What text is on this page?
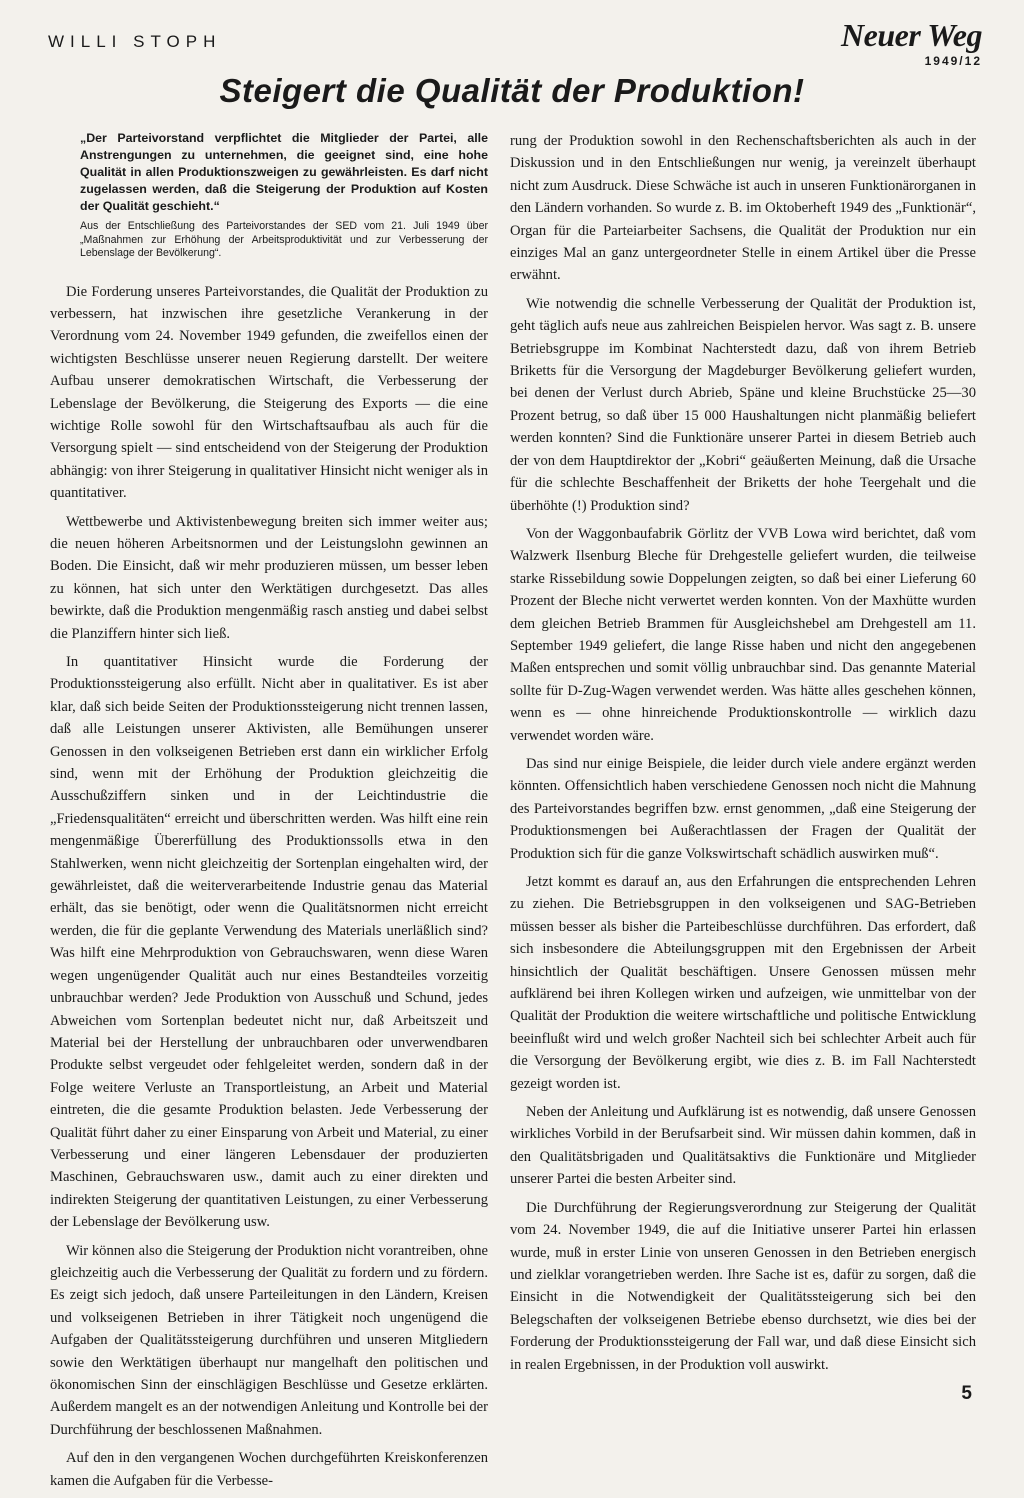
WILLI STOPH	Neuer Weg
1949/12
Steigert die Qualität der Produktion!
„Der Parteivorstand verpflichtet die Mitglieder der Partei, alle Anstrengungen zu unternehmen, die geeignet sind, eine hohe Qualität in allen Produktionszweigen zu gewährleisten. Es darf nicht zugelassen werden, daß die Steigerung der Produktion auf Kosten der Qualität geschieht.“
Aus der Entschließung des Parteivorstandes der SED vom 21. Juli 1949 über „Maßnahmen zur Erhöhung der Arbeitsproduktivität und zur Verbesserung der Lebenslage der Bevölkerung“.

Die Forderung unseres Parteivorstandes, die Qualität der Produktion zu verbessern, hat inzwischen ihre gesetzliche Verankerung in der Verordnung vom 24. November 1949 gefunden, die zweifellos einen der wichtigsten Beschlüsse unserer neuen Regierung darstellt. Der weitere Aufbau unserer demokratischen Wirtschaft, die Verbesserung der Lebenslage der Bevölkerung, die Steigerung des Exports — die eine wichtige Rolle sowohl für den Wirtschaftsaufbau als auch für die Versorgung spielt — sind entscheidend von der Steigerung der Produktion abhängig: von ihrer Steigerung in qualitativer Hinsicht nicht weniger als in quantitativer.

Wettbewerbe und Aktivistenbewegung breiten sich immer weiter aus; die neuen höheren Arbeitsnormen und der Leistungslohn gewinnen an Boden. Die Einsicht, daß wir mehr produzieren müssen, um besser leben zu können, hat sich unter den Werktätigen durchgesetzt. Das alles bewirkte, daß die Produktion mengenmäßig rasch anstieg und dabei selbst die Planziffern hinter sich ließ.

In quantitativer Hinsicht wurde die Forderung der Produktionssteigerung also erfüllt. Nicht aber in qualitativer. Es ist aber klar, daß sich beide Seiten der Produktionssteigerung nicht trennen lassen, daß alle Leistungen unserer Aktivisten, alle Bemühungen unserer Genossen in den volkseigenen Betrieben erst dann ein wirklicher Erfolg sind, wenn mit der Erhöhung der Produktion gleichzeitig die Ausschußziffern sinken und in der Leichtindustrie die „Friedensqualitäten“ erreicht und überschritten werden. Was hilft eine rein mengenmäßige Übererfüllung des Produktionssolls etwa in den Stahlwerken, wenn nicht gleichzeitig der Sortenplan eingehalten wird, der gewährleistet, daß die weiterverarbeitende Industrie genau das Material erhält, das sie benötigt, oder wenn die Qualitätsnormen nicht erreicht werden, die für die geplante Verwendung des Materials unerläßlich sind? Was hilft eine Mehrproduktion von Gebrauchswaren, wenn diese Waren wegen ungenügender Qualität auch nur eines Bestandteiles vorzeitig unbrauchbar werden? Jede Produktion von Ausschuß und Schund, jedes Abweichen vom Sortenplan bedeutet nicht nur, daß Arbeitszeit und Material bei der Herstellung der unbrauchbaren oder unverwendbaren Produkte selbst vergeudet oder fehlgeleitet werden, sondern daß in der Folge weitere Verluste an Transportleistung, an Arbeit und Material eintreten, die die gesamte Produktion belasten. Jede Verbesserung der Qualität führt daher zu einer Einsparung von Arbeit und Material, zu einer Verbesserung und einer längeren Lebensdauer der produzierten Maschinen, Gebrauchswaren usw., damit auch zu einer direkten und indirekten Steigerung der quantitativen Leistungen, zu einer Verbesserung der Lebenslage der Bevölkerung usw.

Wir können also die Steigerung der Produktion nicht vorantreiben, ohne gleichzeitig auch die Verbesserung der Qualität zu fordern und zu fördern. Es zeigt sich jedoch, daß unsere Parteileitungen in den Ländern, Kreisen und volkseigenen Betrieben in ihrer Tätigkeit noch ungenügend die Aufgaben der Qualitätssteigerung durchführen und unseren Mitgliedern sowie den Werktätigen überhaupt nur mangelhaft den politischen und ökonomischen Sinn der einschlägigen Beschlüsse und Gesetze erklärten. Außerdem mangelt es an der notwendigen Anleitung und Kontrolle bei der Durchführung der beschlossenen Maßnahmen.

Auf den in den vergangenen Wochen durchgeführten Kreiskonferenzen kamen die Aufgaben für die Verbesse-

rung der Produktion sowohl in den Rechenschaftsberichten als auch in der Diskussion und in den Entschließungen nur wenig, ja vereinzelt überhaupt nicht zum Ausdruck. Diese Schwäche ist auch in unseren Funktionärorganen in den Ländern vorhanden. So wurde z. B. im Oktoberheft 1949 des „Funktionär“, Organ für die Parteiarbeiter Sachsens, die Qualität der Produktion nur ein einziges Mal an ganz untergeordneter Stelle in einem Artikel über die Presse erwähnt.

Wie notwendig die schnelle Verbesserung der Qualität der Produktion ist, geht täglich aufs neue aus zahlreichen Beispielen hervor. Was sagt z. B. unsere Betriebsgruppe im Kombinat Nachterstedt dazu, daß von ihrem Betrieb Briketts für die Versorgung der Magdeburger Bevölkerung geliefert wurden, bei denen der Verlust durch Abrieb, Späne und kleine Bruchstücke 25—30 Prozent betrug, so daß über 15 000 Haushaltungen nicht planmäßig beliefert werden konnten? Sind die Funktionäre unserer Partei in diesem Betrieb auch der von dem Hauptdirektor der „Kobri“ geäußerten Meinung, daß die Ursache für die schlechte Beschaffenheit der Briketts der hohe Teergehalt und die überhöhte (!) Produktion sind?

Von der Waggonbaufabrik Görlitz der VVB Lowa wird berichtet, daß vom Walzwerk Ilsenburg Bleche für Drehgestelle geliefert wurden, die teilweise starke Rissebildung sowie Doppelungen zeigten, so daß bei einer Lieferung 60 Prozent der Bleche nicht verwertet werden konnten. Von der Maxhütte wurden dem gleichen Betrieb Brammen für Ausgleichshebel am Drehgestell am 11. September 1949 geliefert, die lange Risse haben und nicht den angegebenen Maßen entsprechen und somit völlig unbrauchbar sind. Das genannte Material sollte für D-Zug-Wagen verwendet werden. Was hätte alles geschehen können, wenn es — ohne hinreichende Produktionskontrolle — wirklich dazu verwendet worden wäre.

Das sind nur einige Beispiele, die leider durch viele andere ergänzt werden könnten. Offensichtlich haben verschiedene Genossen noch nicht die Mahnung des Parteivorstandes begriffen bzw. ernst genommen, „daß eine Steigerung der Produktionsmengen bei Außerachtlassen der Fragen der Qualität der Produktion sich für die ganze Volkswirtschaft schädlich auswirken muß“.

Jetzt kommt es darauf an, aus den Erfahrungen die entsprechenden Lehren zu ziehen. Die Betriebsgruppen in den volkseigenen und SAG-Betrieben müssen besser als bisher die Parteibeschlüsse durchführen. Das erfordert, daß sich insbesondere die Abteilungsgruppen mit den Ergebnissen der Arbeit hinsichtlich der Qualität beschäftigen. Unsere Genossen müssen mehr aufklärend bei ihren Kollegen wirken und aufzeigen, wie unmittelbar von der Qualität der Produktion die weitere wirtschaftliche und politische Entwicklung beeinflußt wird und welch großer Nachteil sich bei schlechter Arbeit auch für die Versorgung der Bevölkerung ergibt, wie dies z. B. im Fall Nachterstedt gezeigt worden ist.

Neben der Anleitung und Aufklärung ist es notwendig, daß unsere Genossen wirkliches Vorbild in der Berufsarbeit sind. Wir müssen dahin kommen, daß in den Qualitätsbrigaden und Qualitätsaktivs die Funktionäre und Mitglieder unserer Partei die besten Arbeiter sind.

Die Durchführung der Regierungsverordnung zur Steigerung der Qualität vom 24. November 1949, die auf die Initiative unserer Partei hin erlassen wurde, muß in erster Linie von unseren Genossen in den Betrieben energisch und zielklar vorangetrieben werden. Ihre Sache ist es, dafür zu sorgen, daß die Einsicht in die Notwendigkeit der Qualitätssteigerung sich bei den Belegschaften der volkseigenen Betriebe ebenso durchsetzt, wie dies bei der Forderung der Produktionssteigerung der Fall war, und daß diese Einsicht sich in realen Ergebnissen, in der Produktion voll auswirkt.

5
